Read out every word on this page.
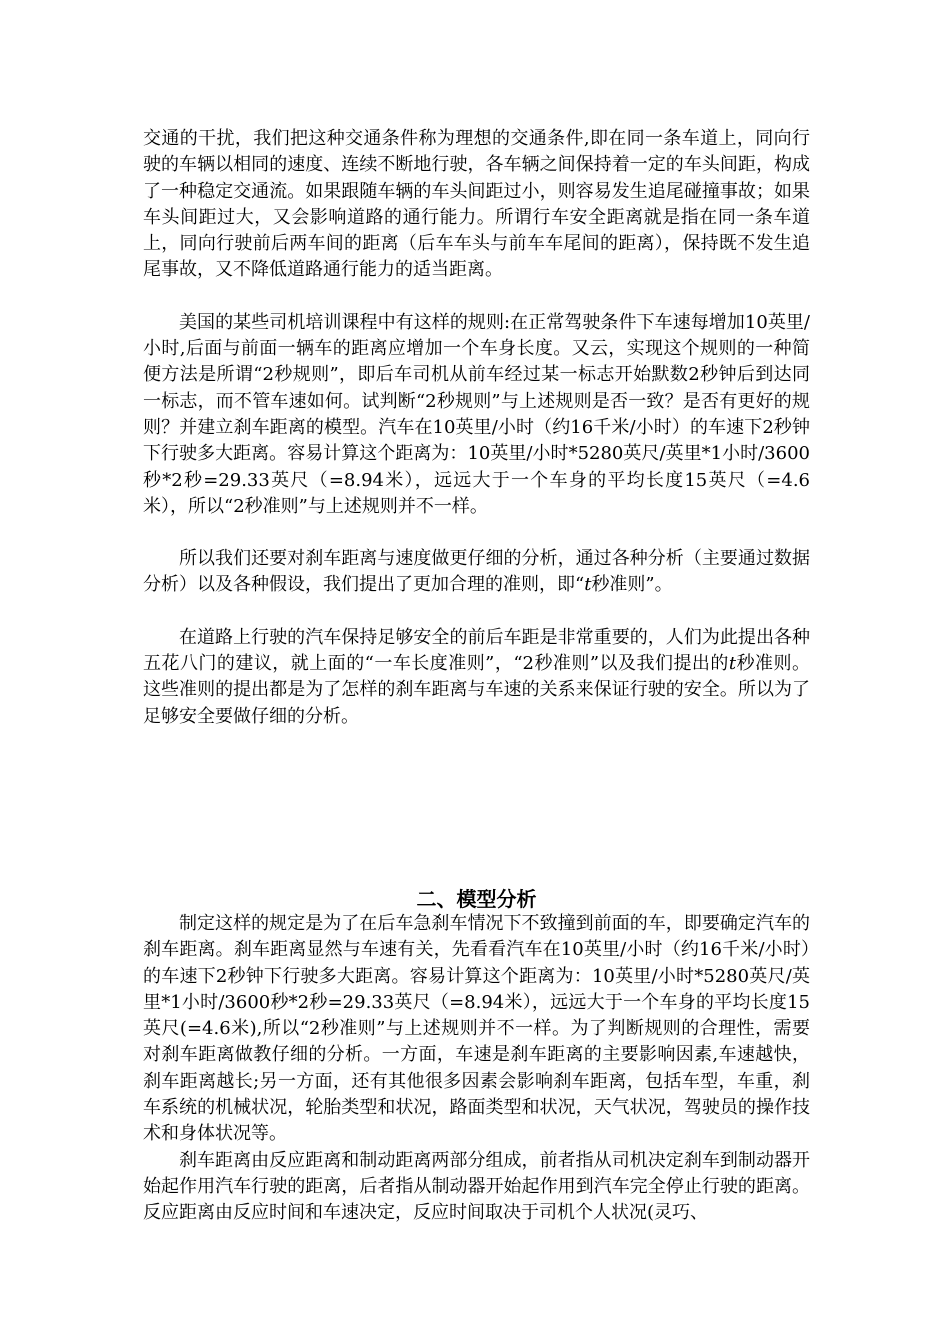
交通的干扰，我们把这种交通条件称为理想的交通条件,即在同一条车道上，同向行驶的车辆以相同的速度、连续不断地行驶，各车辆之间保持着一定的车头间距，构成了一种稳定交通流。如果跟随车辆的车头间距过小，则容易发生追尾碰撞事故；如果车头间距过大，又会影响道路的通行能力。所谓行车安全距离就是指在同一条车道上，同向行驶前后两车间的距离（后车车头与前车车尾间的距离），保持既不发生追尾事故，又不降低道路通行能力的适当距离。

美国的某些司机培训课程中有这样的规则:在正常驾驶条件下车速每增加10英里/小时,后面与前面一辆车的距离应增加一个车身长度。又云，实现这个规则的一种简便方法是所谓“2秒规则”，即后车司机从前车经过某一标志开始默数2秒钟后到达同一标志，而不管车速如何。试判断“2秒规则”与上述规则是否一致？是否有更好的规则？并建立刹车距离的模型。汽车在10英里/小时（约16千米/小时）的车速下2秒钟下行驶多大距离。容易计算这个距离为：10英里/小时*5280英尺/英里*1小时/3600秒*2秒=29.33英尺（=8.94米），远远大于一个车身的平均长度15英尺（=4.6米），所以“2秒准则”与上述规则并不一样。

所以我们还要对刹车距离与速度做更仔细的分析，通过各种分析（主要通过数据分析）以及各种假设，我们提出了更加合理的准则，即“t秒准则”。

在道路上行驶的汽车保持足够安全的前后车距是非常重要的，人们为此提出各种五花八门的建议，就上面的“一车长度准则”，“2秒准则”以及我们提出的t秒准则。这些准则的提出都是为了怎样的刹车距离与车速的关系来保证行驶的安全。所以为了足够安全要做仔细的分析。

二、模型分析

制定这样的规定是为了在后车急刹车情况下不致撞到前面的车，即要确定汽车的刹车距离。刹车距离显然与车速有关，先看看汽车在10英里/小时（约16千米/小时）的车速下2秒钟下行驶多大距离。容易计算这个距离为：10英里/小时*5280英尺/英里*1小时/3600秒*2秒=29.33英尺（=8.94米），远远大于一个车身的平均长度15英尺(=4.6米),所以“2秒准则”与上述规则并不一样。为了判断规则的合理性，需要对刹车距离做教仔细的分析。一方面，车速是刹车距离的主要影响因素,车速越快，刹车距离越长;另一方面，还有其他很多因素会影响刹车距离，包括车型，车重，刹车系统的机械状况，轮胎类型和状况，路面类型和状况，天气状况，驾驶员的操作技术和身体状况等。

刹车距离由反应距离和制动距离两部分组成，前者指从司机决定刹车到制动器开始起作用汽车行驶的距离，后者指从制动器开始起作用到汽车完全停止行驶的距离。反应距离由反应时间和车速决定，反应时间取决于司机个人状况(灵巧、
